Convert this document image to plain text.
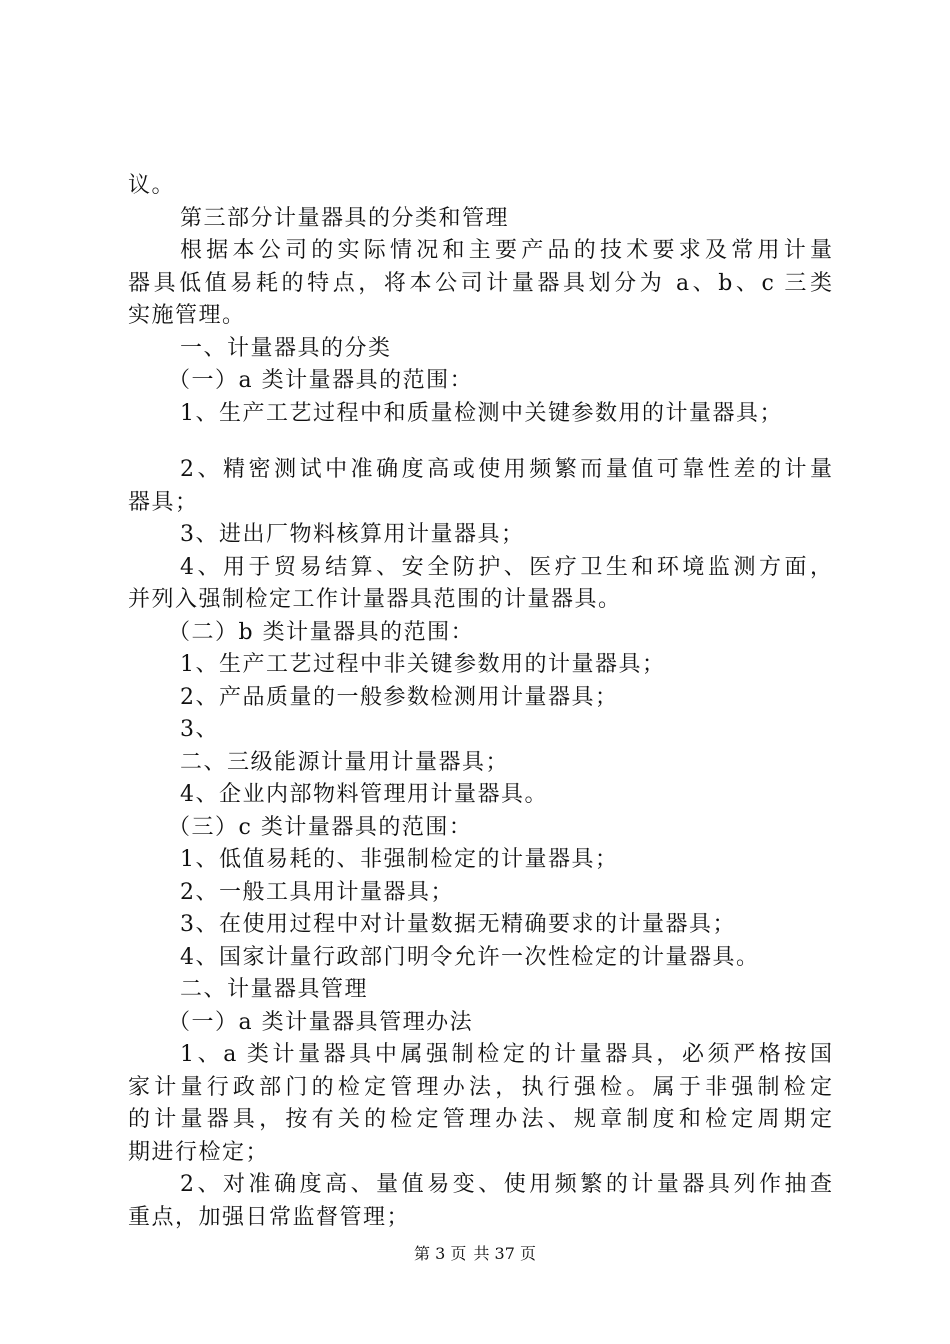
议。
第三部分计量器具的分类和管理
根据本公司的实际情况和主要产品的技术要求及常用计量
器具低值易耗的特点，将本公司计量器具划分为 a、b、c 三类
实施管理。
一、计量器具的分类
（一）a 类计量器具的范围：
1、生产工艺过程中和质量检测中关键参数用的计量器具；
2、精密测试中准确度高或使用频繁而量值可靠性差的计量
器具；
3、进出厂物料核算用计量器具；
4、用于贸易结算、安全防护、医疗卫生和环境监测方面，
并列入强制检定工作计量器具范围的计量器具。
（二）b 类计量器具的范围：
1、生产工艺过程中非关键参数用的计量器具；
2、产品质量的一般参数检测用计量器具；
3、
二、三级能源计量用计量器具；
4、企业内部物料管理用计量器具。
（三）c 类计量器具的范围：
1、低值易耗的、非强制检定的计量器具；
2、一般工具用计量器具；
3、在使用过程中对计量数据无精确要求的计量器具；
4、国家计量行政部门明令允许一次性检定的计量器具。
二、计量器具管理
（一）a 类计量器具管理办法
1、a 类计量器具中属强制检定的计量器具，必须严格按国
家计量行政部门的检定管理办法，执行强检。属于非强制检定
的计量器具，按有关的检定管理办法、规章制度和检定周期定
期进行检定；
2、对准确度高、量值易变、使用频繁的计量器具列作抽查
重点，加强日常监督管理；
第 3 页 共 37 页
